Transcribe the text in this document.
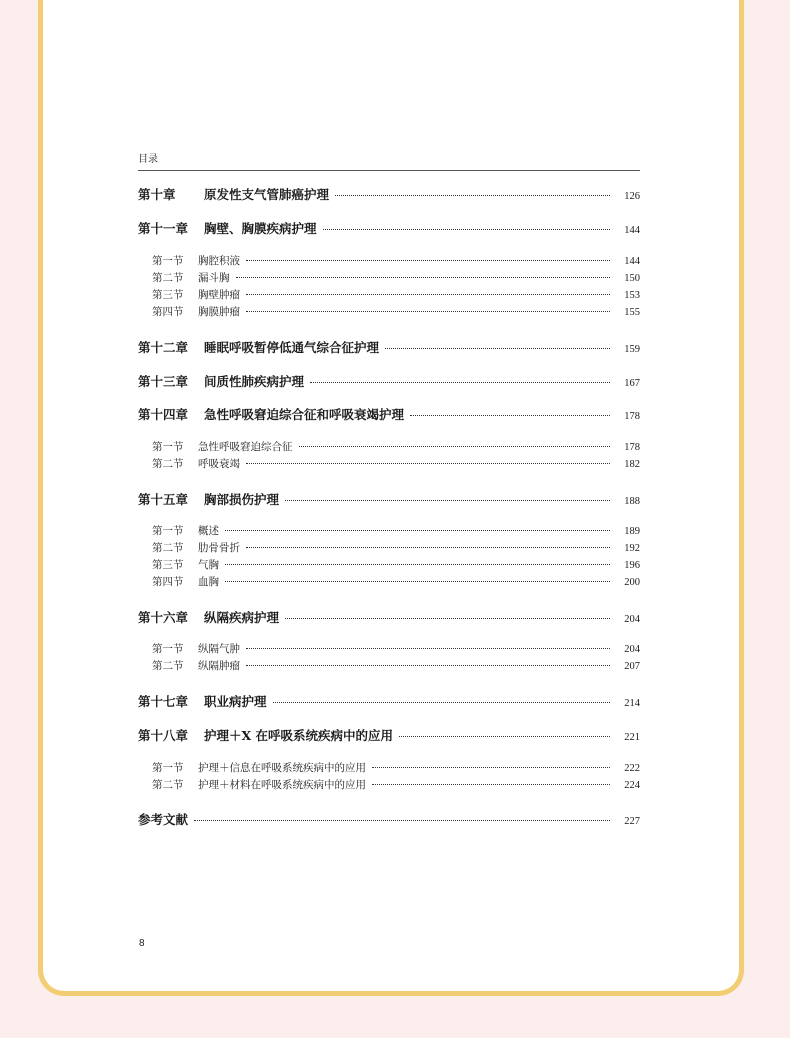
目录
第十章	原发性支气管肺癌护理	126
第十一章	胸壁、胸膜疾病护理	144
第一节	胸腔积液	144
第二节	漏斗胸	150
第三节	胸壁肿瘤	153
第四节	胸膜肿瘤	155
第十二章	睡眠呼吸暂停低通气综合征护理	159
第十三章	间质性肺疾病护理	167
第十四章	急性呼吸窘迫综合征和呼吸衰竭护理	178
第一节	急性呼吸窘迫综合征	178
第二节	呼吸衰竭	182
第十五章	胸部损伤护理	188
第一节	概述	189
第二节	肋骨骨折	192
第三节	气胸	196
第四节	血胸	200
第十六章	纵隔疾病护理	204
第一节	纵隔气肿	204
第二节	纵隔肿瘤	207
第十七章	职业病护理	214
第十八章	护理＋X 在呼吸系统疾病中的应用	221
第一节	护理＋信息在呼吸系统疾病中的应用	222
第二节	护理＋材料在呼吸系统疾病中的应用	224
参考文献	227
8
